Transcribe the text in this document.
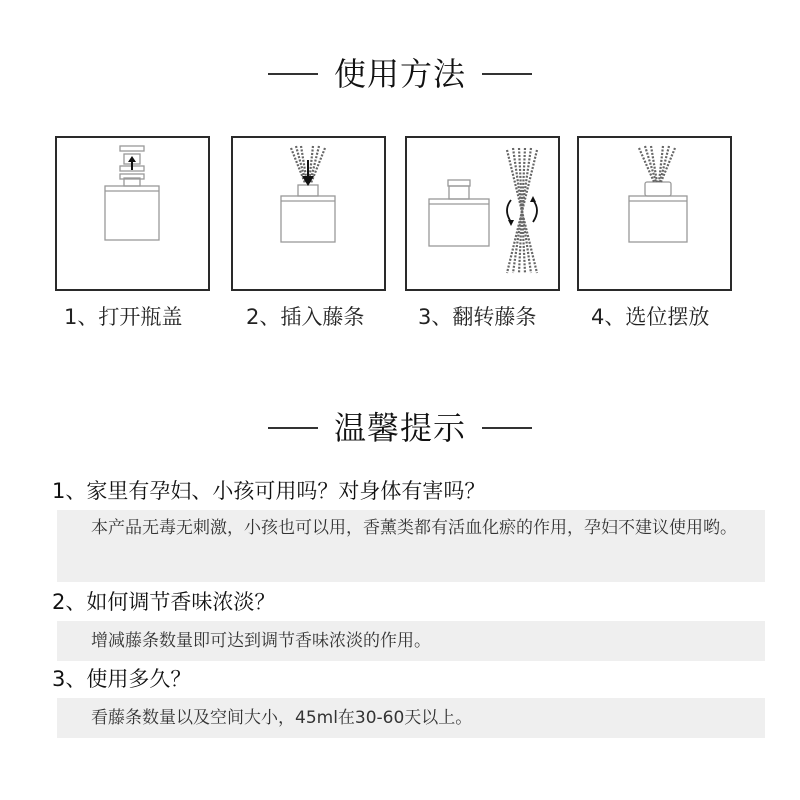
使用方法
1、打开瓶盖	2、插入藤条	3、翻转藤条	4、选位摆放
温馨提示
1、家里有孕妇、小孩可用吗？对身体有害吗？
本产品无毒无刺激，小孩也可以用，香薰类都有活血化瘀的作用，孕妇不建议使用哟。
2、如何调节香味浓淡？
增减藤条数量即可达到调节香味浓淡的作用。
3、使用多久？
看藤条数量以及空间大小，45ml在30-60天以上。
